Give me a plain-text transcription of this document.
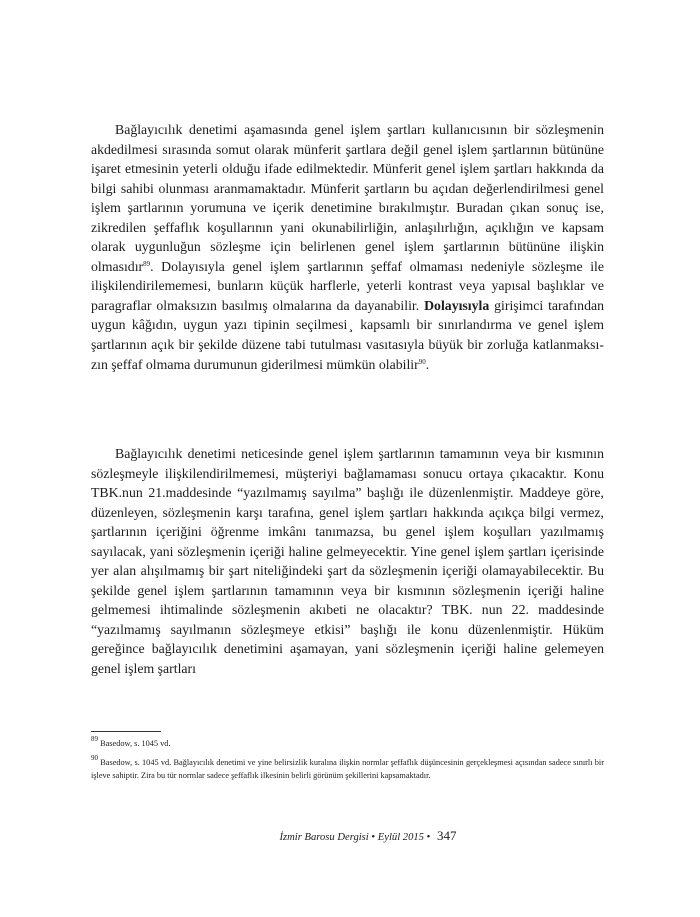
Bağlayıcılık denetimi aşamasında genel işlem şartları kullanıcısının bir sözleşmenin akdedilmesi sırasında somut olarak münferit şartlara değil genel işlem şartlarının bütününe işaret etmesinin yeterli olduğu ifade edilmektedir. Münferit genel işlem şartları hakkında da bilgi sahibi olunması aranmamaktadır. Münferit şartların bu açıdan değerlendirilmesi genel işlem şartlarının yorumuna ve içerik denetimine bırakılmıştır. Buradan çıkan sonuç ise, zikredilen şeffaflık koşullarının yani okunabilirliğin, anlaşılırlığın, açıklığın ve kapsam olarak uygunluğun sözleşme için belirlenen genel işlem şartlarının bütününe ilişkin olmasıdır$^{89}$. Dolayısıyla genel işlem şartlarının şeffaf olmaması nedeniyle sözleşme ile ilişkilendirilememesi, bunların küçük harflerle, yeterli kontrast veya yapısal başlıklar ve paragraflar olmaksızın basılmış olmalarına da dayanabilir. Dolayısıyla girişimci tarafından uygun kâğıdın, uygun yazı tipinin seçilmesi ̧ kapsamlı bir sınırlandırma ve genel işlem şartlarının açık bir şekilde düzene tabi tutulması vasıtasıyla büyük bir zorluğa katlanmaksızın şeffaf olmama durumunun giderilmesi mümkün olabilir$^{90}$.

Bağlayıcılık denetimi neticesinde genel işlem şartlarının tamamının veya bir kısmının sözleşmeyle ilişkilendirilmemesi, müşteriyi bağlamaması sonucu ortaya çıkacaktır. Konu TBK.nun 21.maddesinde “yazılmamış sayılma” başlığı ile düzenlenmiştir. Maddeye göre, düzenleyen, sözleşmenin karşı tarafına, genel işlem şartları hakkında açıkça bilgi vermez, şartlarının içeriğini öğrenme imkânı tanımazsa, bu genel işlem koşulları yazılmamış sayılacak, yani sözleşmenin içeriği haline gelmeyecektir. Yine genel işlem şartları içerisinde yer alan alışılmamış bir şart niteliğindeki şart da sözleşmenin içeriği olamayabilecektir. Bu şekilde genel işlem şartlarının tamamının veya bir kısmının sözleşmenin içeriği haline gelmemesi ihtimalinde sözleşmenin akıbeti ne olacaktır? TBK. nun 22. maddesinde “yazılmamış sayılmanın sözleşmeye etkisi” başlığı ile konu düzenlenmiştir. Hüküm gereğince bağlayıcılık denetimini aşamayan, yani sözleşmenin içeriği haline gelemeyen genel işlem şartları

$^{89}$ Basedow, s. 1045 vd.

$^{90}$ Basedow, s. 1045 vd. Bağlayıcılık denetimi ve yine belirsizlik kuralına ilişkin normlar şeffaflık düşüncesinin gerçekleşmesi açısından sadece sınırlı bir işleve sahiptir. Zira bu tür normlar sadece şeffaflık ilkesinin belirli görünüm şekillerini kapsamaktadır.

İzmir Barosu Dergisi • Eylül 2015 • 347
